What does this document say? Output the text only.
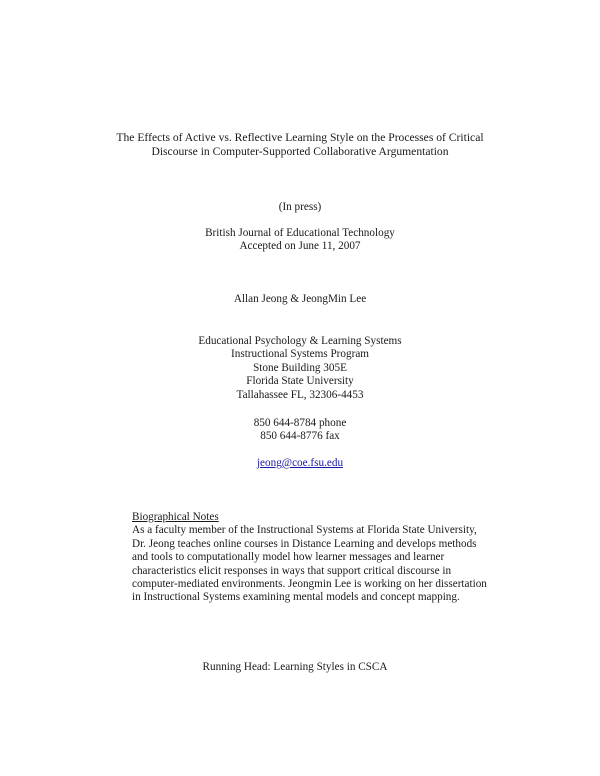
The Effects of Active vs. Reflective Learning Style on the Processes of Critical
Discourse in Computer-Supported Collaborative Argumentation
(In press)
British Journal of Educational Technology
Accepted on June 11, 2007
Allan Jeong & JeongMin Lee
Educational Psychology & Learning Systems
Instructional Systems Program
Stone Building 305E
Florida State University
Tallahassee FL, 32306-4453
850 644-8784 phone
850 644-8776 fax
jeong@coe.fsu.edu
Biographical Notes
As a faculty member of the Instructional Systems at Florida State University,
Dr. Jeong teaches online courses in Distance Learning and develops methods
and tools to computationally model how learner messages and learner
characteristics elicit responses in ways that support critical discourse in
computer-mediated environments. Jeongmin Lee is working on her dissertation
in Instructional Systems examining mental models and concept mapping.
Running Head: Learning Styles in CSCA
